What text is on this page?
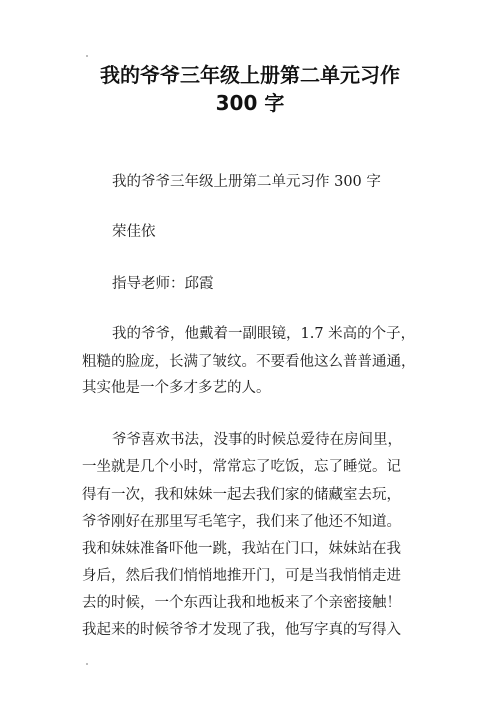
我的爷爷三年级上册第二单元习作
300 字
我的爷爷三年级上册第二单元习作 300 字
荣佳依
指导老师：邱霞
我的爷爷，他戴着一副眼镜，1.7 米高的个子，
粗糙的脸庞，长满了皱纹。不要看他这么普普通通，
其实他是一个多才多艺的人。
爷爷喜欢书法，没事的时候总爱待在房间里，
一坐就是几个小时，常常忘了吃饭，忘了睡觉。记
得有一次，我和妹妹一起去我们家的储藏室去玩，
爷爷刚好在那里写毛笔字，我们来了他还不知道。
我和妹妹准备吓他一跳，我站在门口，妹妹站在我
身后，然后我们悄悄地推开门，可是当我悄悄走进
去的时候，一个东西让我和地板来了个亲密接触！
我起来的时候爷爷才发现了我，他写字真的写得入
